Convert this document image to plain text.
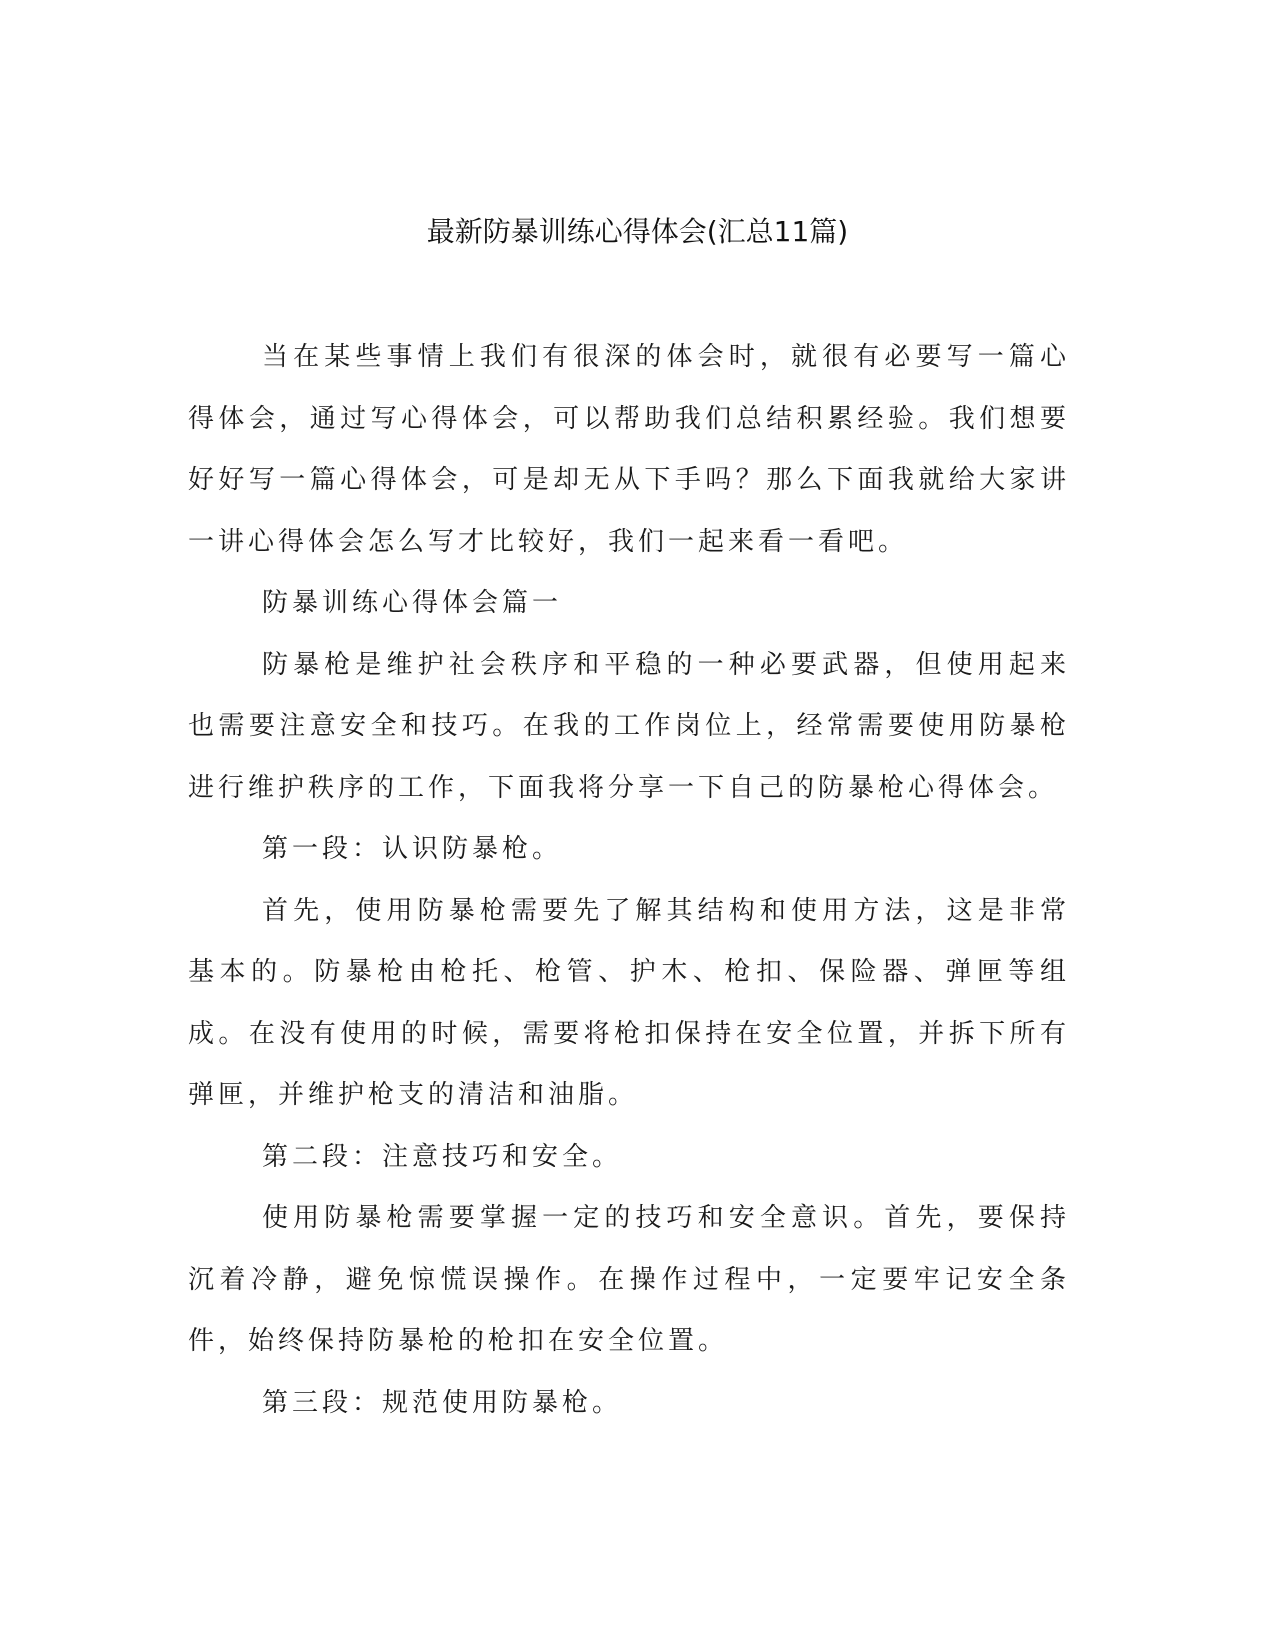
最新防暴训练心得体会(汇总11篇)

当在某些事情上我们有很深的体会时，就很有必要写一篇心得体会，通过写心得体会，可以帮助我们总结积累经验。我们想要好好写一篇心得体会，可是却无从下手吗？那么下面我就给大家讲一讲心得体会怎么写才比较好，我们一起来看一看吧。

防暴训练心得体会篇一

防暴枪是维护社会秩序和平稳的一种必要武器，但使用起来也需要注意安全和技巧。在我的工作岗位上，经常需要使用防暴枪进行维护秩序的工作，下面我将分享一下自己的防暴枪心得体会。

第一段：认识防暴枪。

首先，使用防暴枪需要先了解其结构和使用方法，这是非常基本的。防暴枪由枪托、枪管、护木、枪扣、保险器、弹匣等组成。在没有使用的时候，需要将枪扣保持在安全位置，并拆下所有弹匣，并维护枪支的清洁和油脂。

第二段：注意技巧和安全。

使用防暴枪需要掌握一定的技巧和安全意识。首先，要保持沉着冷静，避免惊慌误操作。在操作过程中，一定要牢记安全条件，始终保持防暴枪的枪扣在安全位置。

第三段：规范使用防暴枪。
